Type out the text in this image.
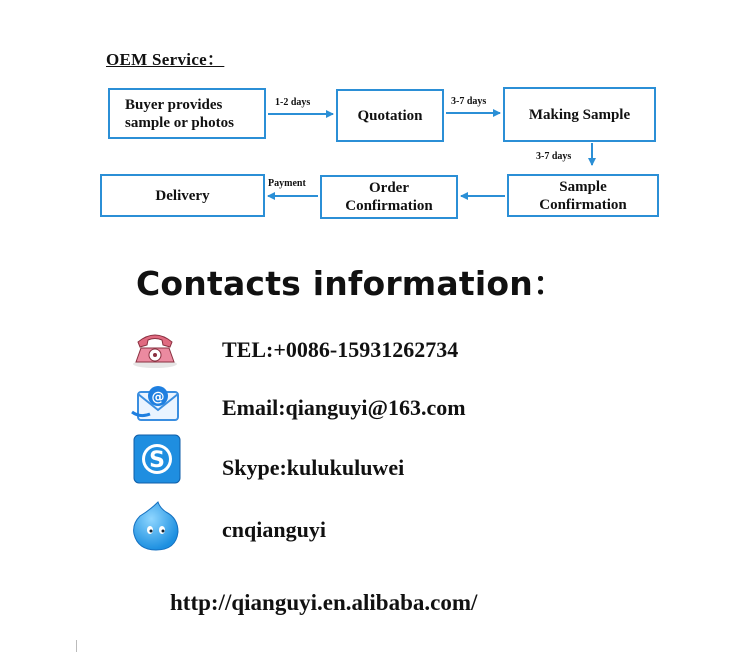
OEM Service：
Buyer provides
sample or photos	Quotation	Making Sample
Sample
Confirmation
Order
Confirmation
Delivery
1-2 days	3-7 days
3-7 days
Payment
Contacts information：
@
S
TEL:+0086-15931262734
Email:qianguyi@163.com
Skype:kulukuluwei
cnqianguyi
http://qianguyi.en.alibaba.com/
